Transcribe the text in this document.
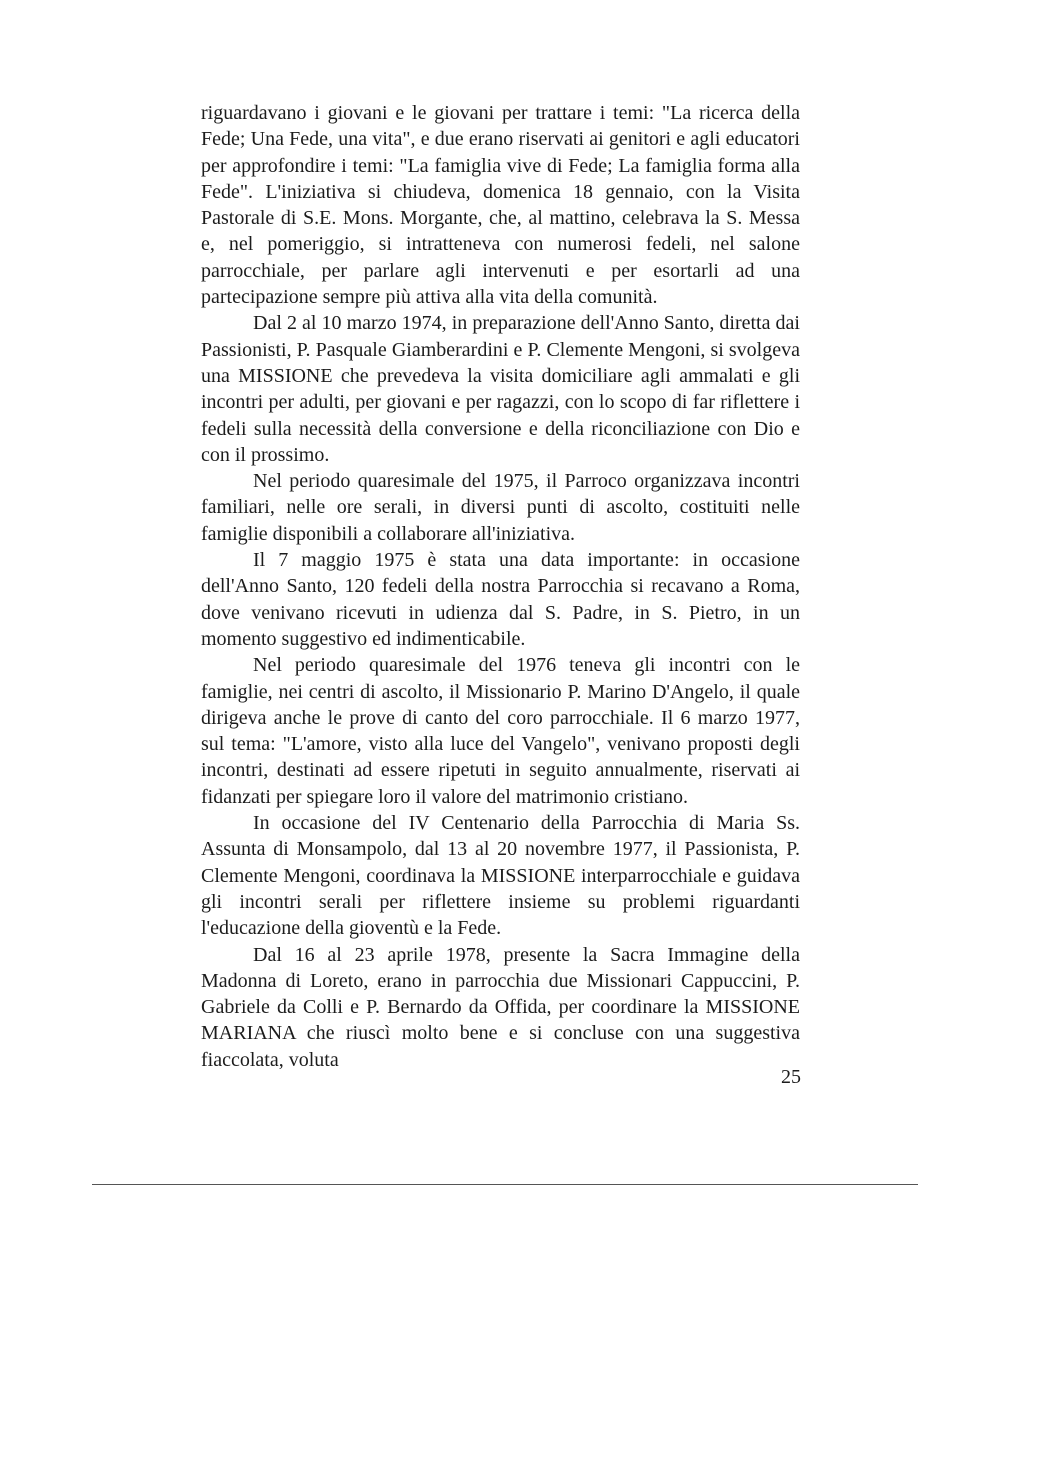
riguardavano i giovani e le giovani per trattare i temi: "La ricerca della Fede; Una Fede, una vita", e due erano riservati ai genitori e agli educatori per approfondire i temi: "La famiglia vive di Fede; La famiglia forma alla Fede". L'iniziativa si chiudeva, domenica 18 gennaio, con la Visita Pastorale di S.E. Mons. Morgante, che, al mattino, celebrava la S. Messa e, nel pomeriggio, si intratteneva con numerosi fedeli, nel salone parrocchiale, per parlare agli intervenuti e per esortarli ad una partecipazione sempre più attiva alla vita della comunità.

Dal 2 al 10 marzo 1974, in preparazione dell'Anno Santo, diretta dai Passionisti, P. Pasquale Giamberardini e P. Clemente Mengoni, si svolgeva una MISSIONE che prevedeva la visita domiciliare agli ammalati e gli incontri per adulti, per giovani e per ragazzi, con lo scopo di far riflettere i fedeli sulla necessità della conversione e della riconciliazione con Dio e con il prossimo.

Nel periodo quaresimale del 1975, il Parroco organizzava incontri familiari, nelle ore serali, in diversi punti di ascolto, costituiti nelle famiglie disponibili a collaborare all'iniziativa.

Il 7 maggio 1975 è stata una data importante: in occasione dell'Anno Santo, 120 fedeli della nostra Parrocchia si recavano a Roma, dove venivano ricevuti in udienza dal S. Padre, in S. Pietro, in un momento suggestivo ed indimenticabile.

Nel periodo quaresimale del 1976 teneva gli incontri con le famiglie, nei centri di ascolto, il Missionario P. Marino D'Angelo, il quale dirigeva anche le prove di canto del coro parrocchiale. Il 6 marzo 1977, sul tema: "L'amore, visto alla luce del Vangelo", venivano proposti degli incontri, destinati ad essere ripetuti in seguito annualmente, riservati ai fidanzati per spiegare loro il valore del matrimonio cristiano.

In occasione del IV Centenario della Parrocchia di Maria Ss. Assunta di Monsampolo, dal 13 al 20 novembre 1977, il Passionista, P. Clemente Mengoni, coordinava la MISSIONE interparrocchiale e guidava gli incontri serali per riflettere insieme su problemi riguardanti l'educazione della gioventù e la Fede.

Dal 16 al 23 aprile 1978, presente la Sacra Immagine della Madonna di Loreto, erano in parrocchia due Missionari Cappuccini, P. Gabriele da Colli e P. Bernardo da Offida, per coordinare la MISSIONE MARIANA che riuscì molto bene e si concluse con una suggestiva fiaccolata, voluta

25
